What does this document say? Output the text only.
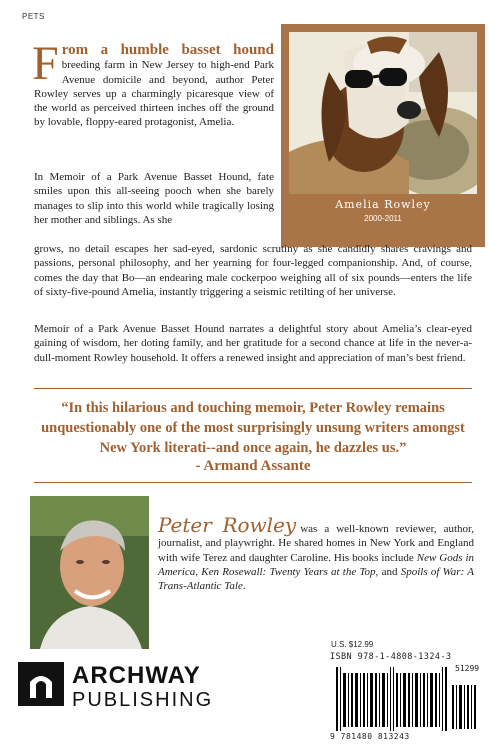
PETS
Amelia Rowley
2000-2011
From a humble basset hound breeding farm in New Jersey to high-end Park Avenue domicile and beyond, author Peter Rowley serves up a charmingly picaresque view of the world as perceived thirteen inches off the ground by lovable, floppy-eared protagonist, Amelia.
In Memoir of a Park Avenue Basset Hound, fate smiles upon this all-seeing pooch when she barely manages to slip into this world while tragically losing her mother and siblings. As she
grows, no detail escapes her sad-eyed, sardonic scrutiny as she candidly shares cravings and passions, personal philosophy, and her yearning for four-legged companionship. And, of course, comes the day that Bo—an endearing male cockerpoo weighing all of six pounds—enters the life of sixty-five-pound Amelia, instantly triggering a seismic retilting of her universe.
Memoir of a Park Avenue Basset Hound narrates a delightful story about Amelia’s clear-eyed gaining of wisdom, her doting family, and her gratitude for a second chance at life in the never-a-dull-moment Rowley household. It offers a renewed insight and appreciation of man’s best friend.
“In this hilarious and touching memoir, Peter Rowley remains unquestionably one of the most surprisingly unsung writers amongst New York literati--and once again, he dazzles us.”
- Armand Assante
Peter Rowley was a well-known reviewer, author, journalist, and playwright. He shared homes in New York and England with wife Terez and daughter Caroline. His books include New Gods in America, Ken Rosewall: Twenty Years at the Top, and Spoils of War: A Trans-Atlantic Tale.
ARCHWAY
PUBLISHING
U.S. $12.99
ISBN 978-1-4808-1324-3
51299
9 781480 813243
